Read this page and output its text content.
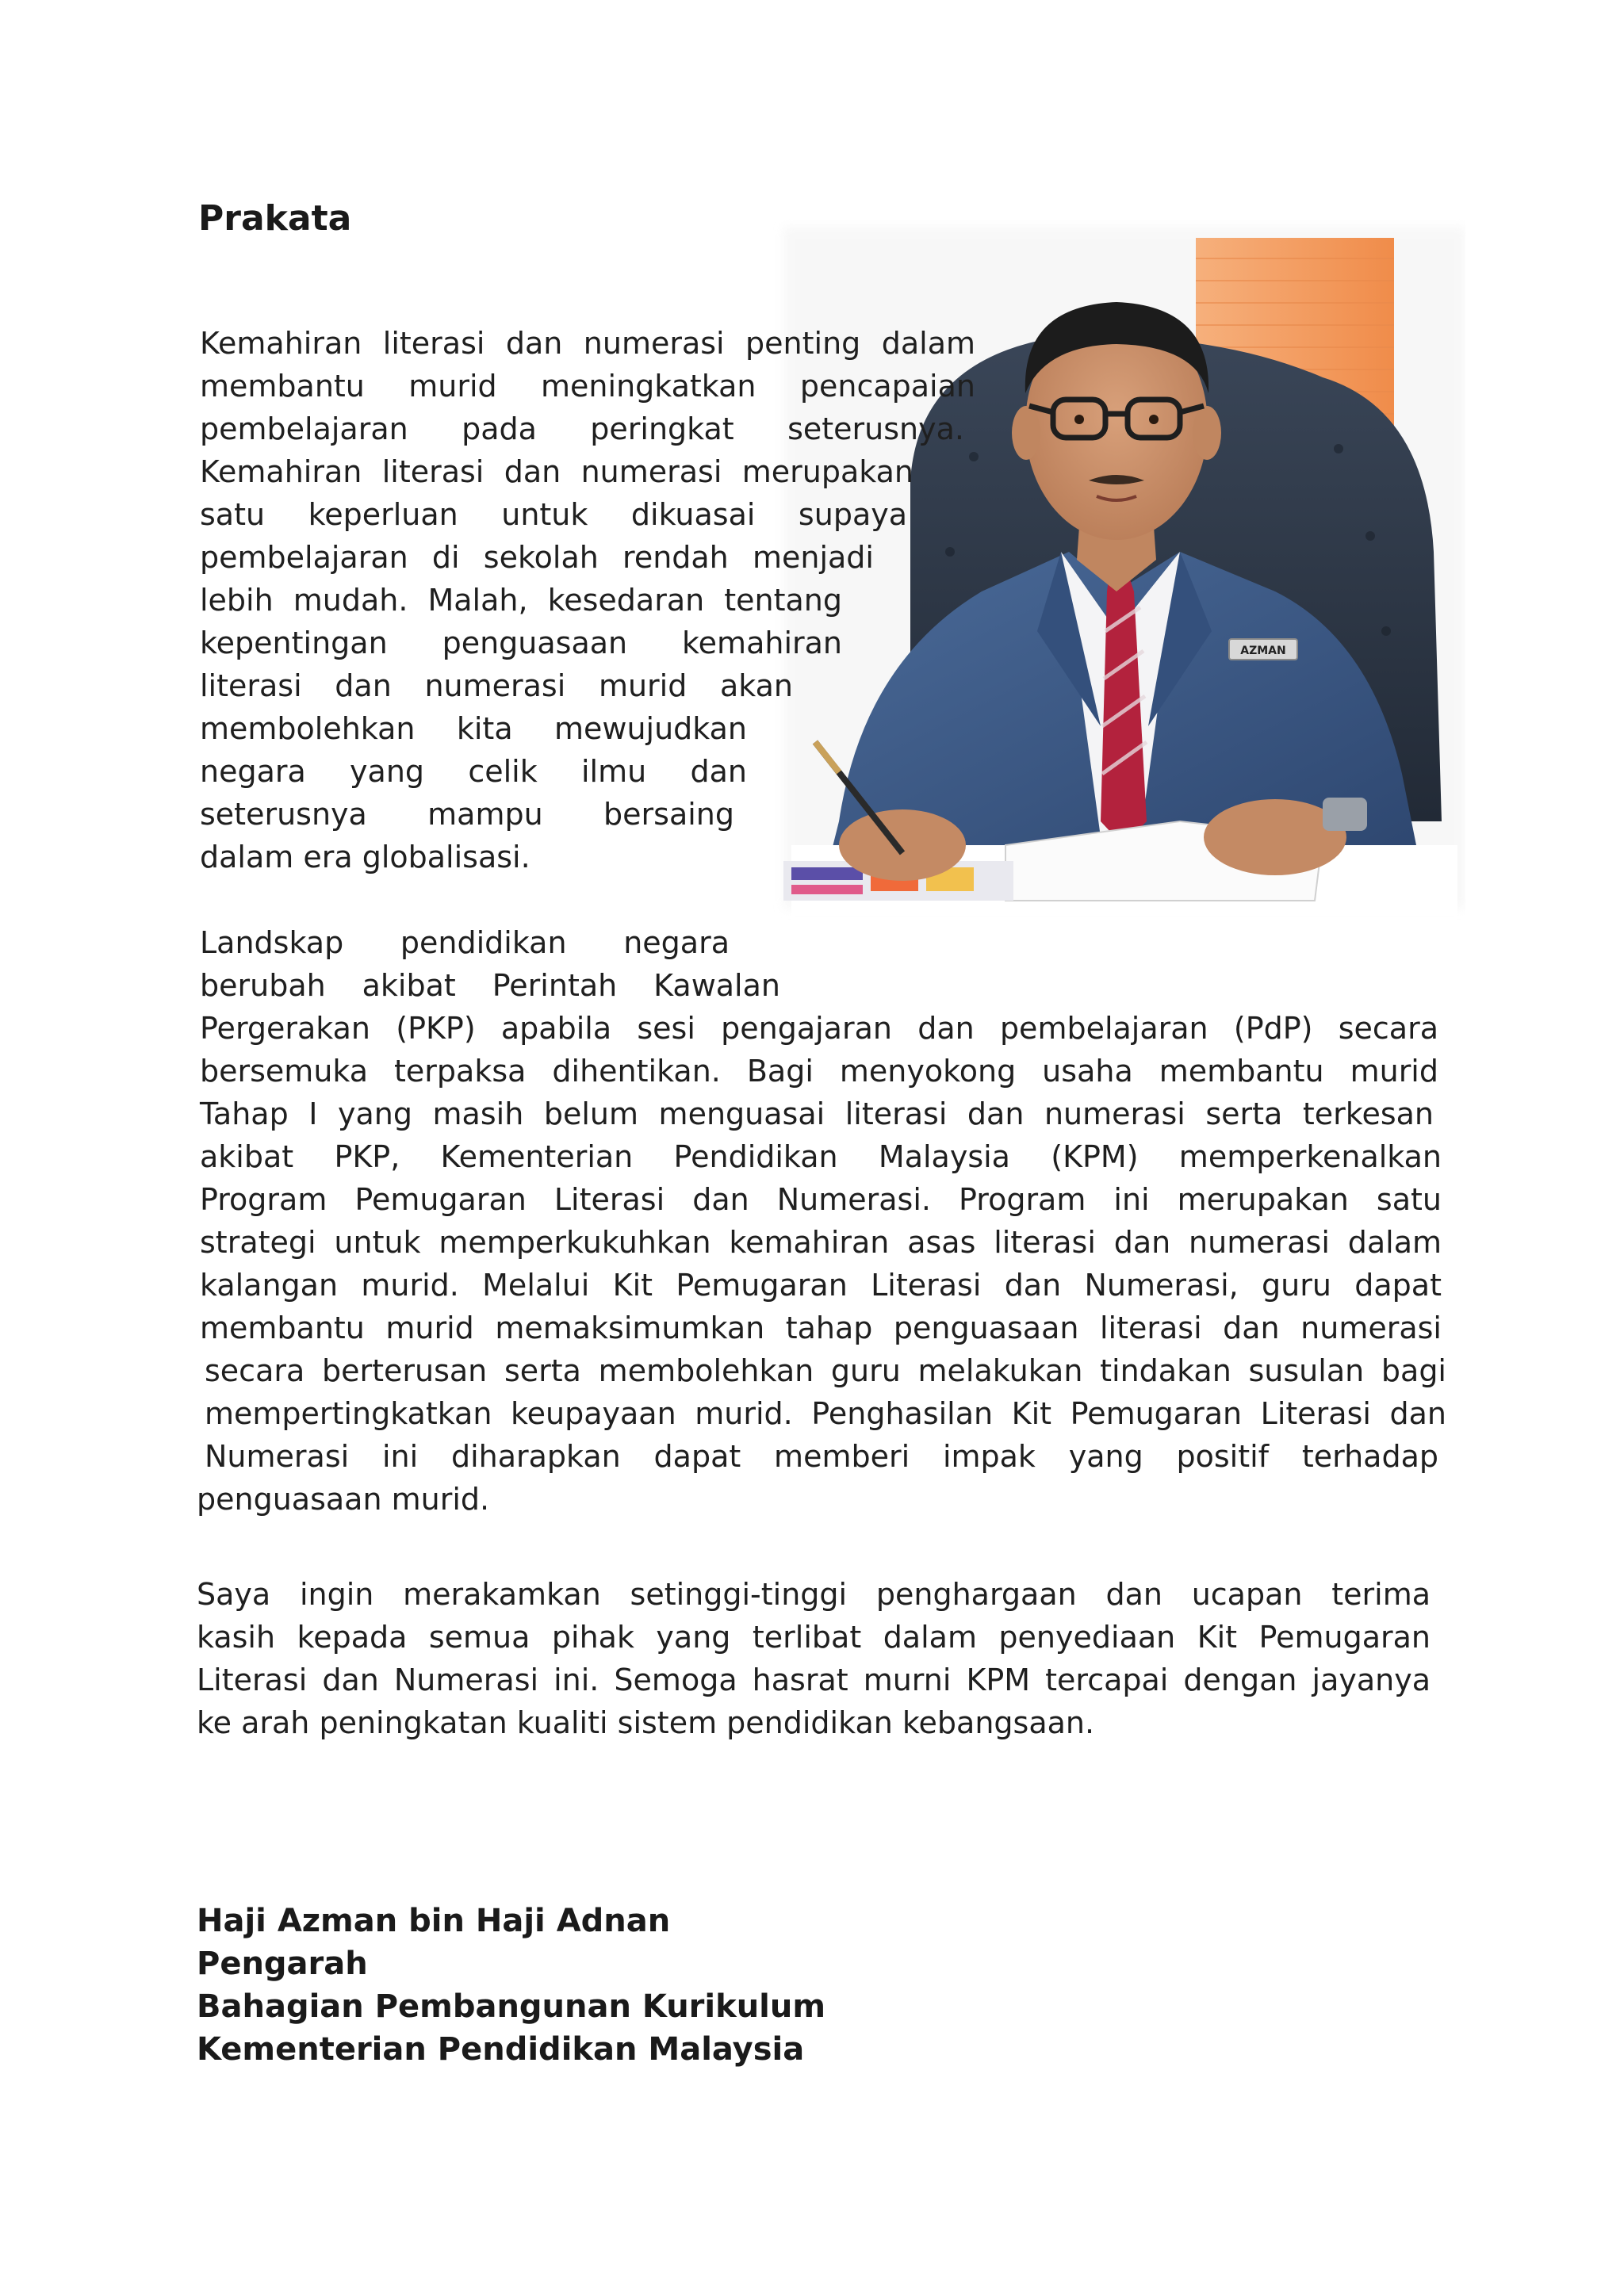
Prakata
AZMAN
Kemahiran literasi dan numerasi penting dalam
membantu murid meningkatkan pencapaian
pembelajaran pada peringkat seterusnya.
Kemahiran literasi dan numerasi merupakan
satu keperluan untuk dikuasai supaya
pembelajaran di sekolah rendah menjadi
lebih mudah. Malah, kesedaran tentang
kepentingan penguasaan kemahiran
literasi dan numerasi murid akan
membolehkan kita mewujudkan
negara yang celik ilmu dan
seterusnya mampu bersaing
dalam era globalisasi.
Landskap pendidikan negara
berubah akibat Perintah Kawalan
Pergerakan (PKP) apabila sesi pengajaran dan pembelajaran (PdP) secara
bersemuka terpaksa dihentikan. Bagi menyokong usaha membantu murid
Tahap I yang masih belum menguasai literasi dan numerasi serta terkesan
akibat PKP, Kementerian Pendidikan Malaysia (KPM) memperkenalkan
Program Pemugaran Literasi dan Numerasi. Program ini merupakan satu
strategi untuk memperkukuhkan kemahiran asas literasi dan numerasi dalam
kalangan murid. Melalui Kit Pemugaran Literasi dan Numerasi, guru dapat
membantu murid memaksimumkan tahap penguasaan literasi dan numerasi
secara berterusan serta membolehkan guru melakukan tindakan susulan bagi
mempertingkatkan keupayaan murid. Penghasilan Kit Pemugaran Literasi dan
Numerasi ini diharapkan dapat memberi impak yang positif terhadap
penguasaan murid.
Saya ingin merakamkan setinggi-tinggi penghargaan dan ucapan terima
kasih kepada semua pihak yang terlibat dalam penyediaan Kit Pemugaran
Literasi dan Numerasi ini. Semoga hasrat murni KPM tercapai dengan jayanya
ke arah peningkatan kualiti sistem pendidikan kebangsaan.
Haji Azman bin Haji Adnan
Pengarah
Bahagian Pembangunan Kurikulum
Kementerian Pendidikan Malaysia
